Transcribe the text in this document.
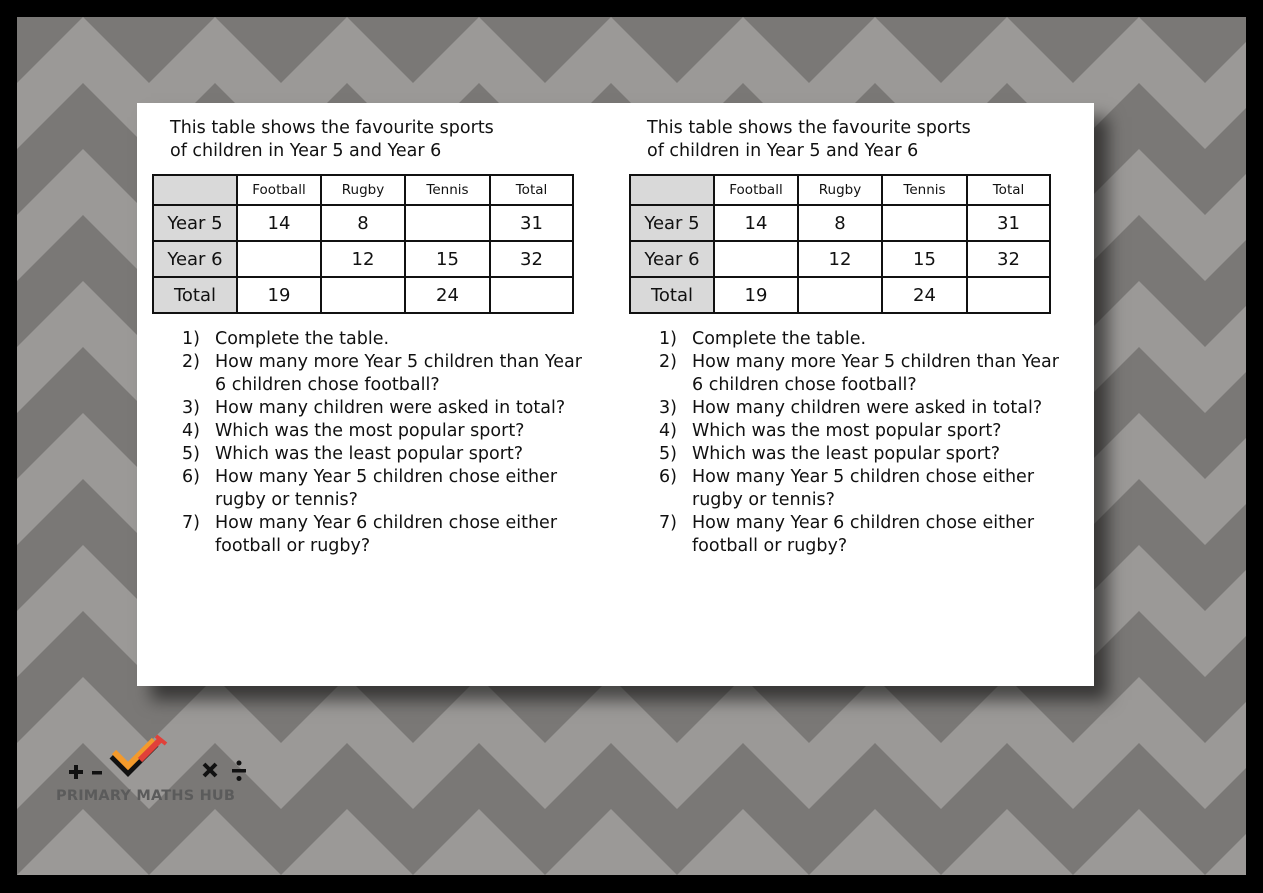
This table shows the favourite sports
of children in Year 5 and Year 6
	Football	Rugby	Tennis	Total
Year 5	14	8		31
Year 6		12	15	32
Total	19		24	
1) Complete the table.
2) How many more Year 5 children than Year 6 children chose football?
3) How many children were asked in total?
4) Which was the most popular sport?
5) Which was the least popular sport?
6) How many Year 5 children chose either rugby or tennis?
7) How many Year 6 children chose either football or rugby?
This table shows the favourite sports
of children in Year 5 and Year 6
	Football	Rugby	Tennis	Total
Year 5	14	8		31
Year 6		12	15	32
Total	19		24	
1) Complete the table.
2) How many more Year 5 children than Year 6 children chose football?
3) How many children were asked in total?
4) Which was the most popular sport?
5) Which was the least popular sport?
6) How many Year 5 children chose either rugby or tennis?
7) How many Year 6 children chose either football or rugby?
PRIMARY MATHS HUB
